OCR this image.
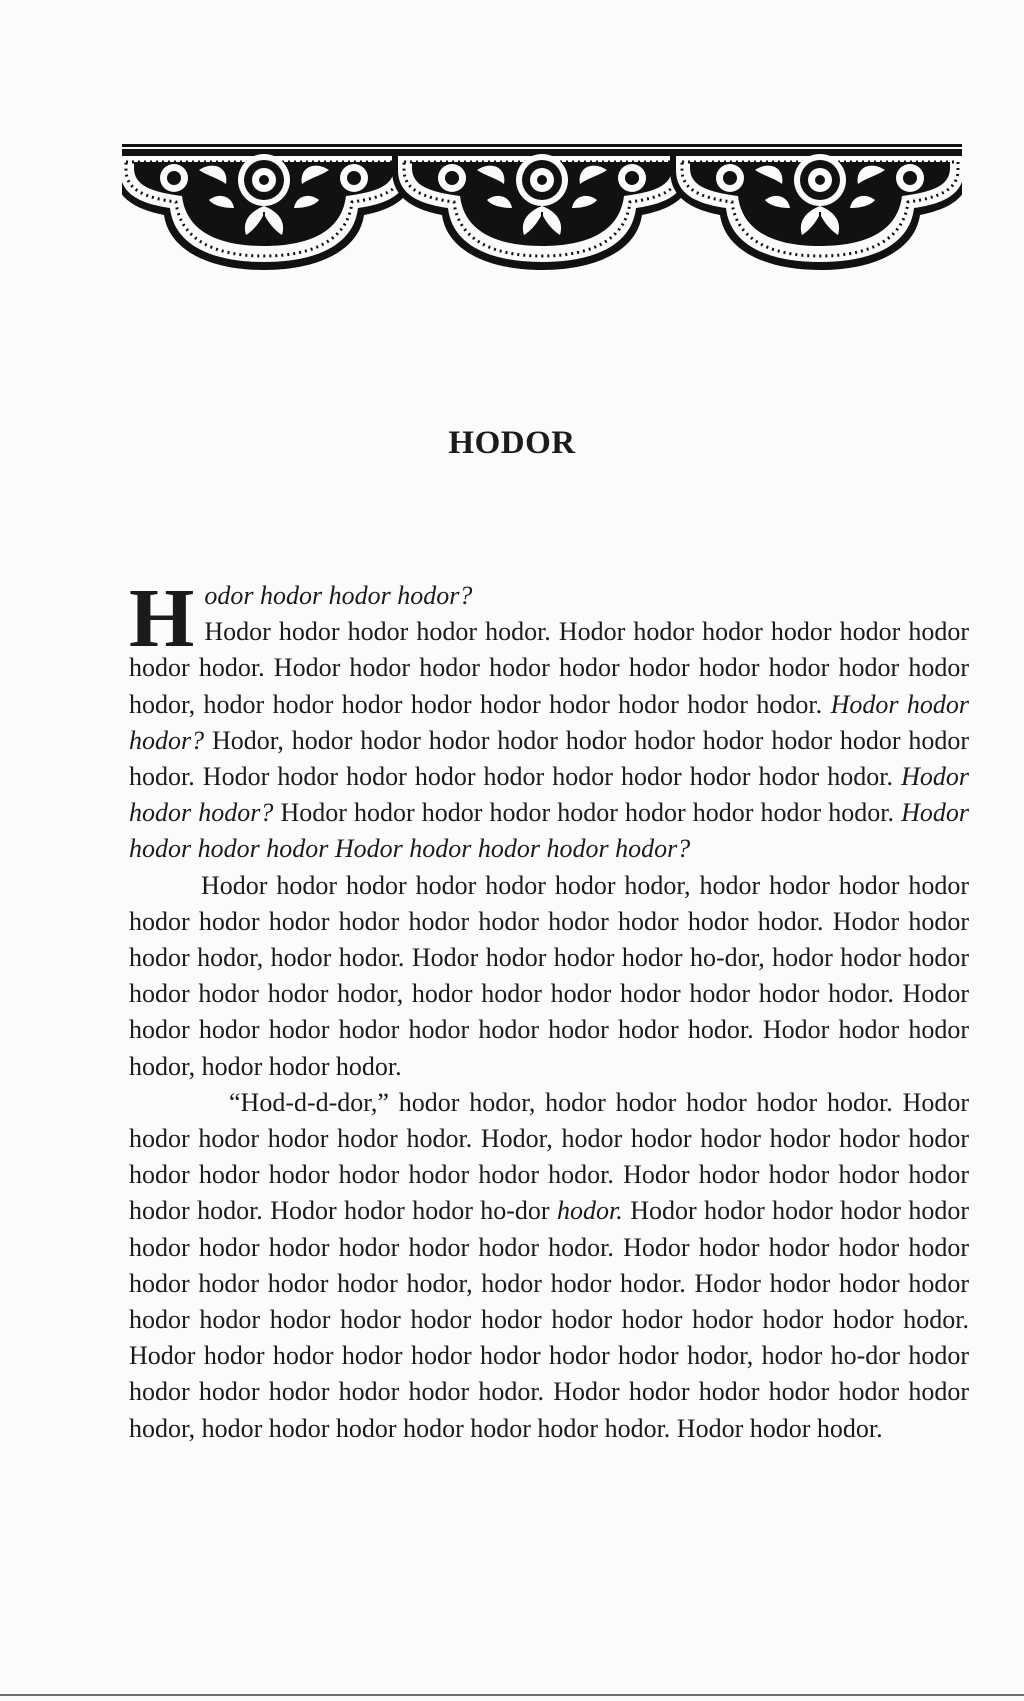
HODOR

H odor hodor hodor hodor?
Hodor hodor hodor hodor hodor. Hodor hodor hodor hodor hodor hodor hodor hodor. Hodor hodor hodor hodor hodor hodor hodor hodor hodor hodor hodor, hodor hodor hodor hodor hodor hodor hodor hodor hodor. Hodor hodor hodor? Hodor, hodor hodor hodor hodor hodor hodor hodor hodor hodor hodor hodor. Hodor hodor hodor hodor hodor hodor hodor hodor hodor hodor. Hodor hodor hodor? Hodor hodor hodor hodor hodor hodor hodor hodor hodor. Hodor hodor hodor hodor Hodor hodor hodor hodor hodor?

Hodor hodor hodor hodor hodor hodor hodor, hodor hodor hodor hodor hodor hodor hodor hodor hodor hodor hodor hodor hodor hodor. Hodor hodor hodor hodor, hodor hodor. Hodor hodor hodor hodor ho-dor, hodor hodor hodor hodor hodor hodor hodor, hodor hodor hodor hodor hodor hodor hodor. Hodor hodor hodor hodor hodor hodor hodor hodor hodor hodor. Hodor hodor hodor hodor, hodor hodor hodor.

“Hod-d-d-dor,” hodor hodor, hodor hodor hodor hodor hodor. Hodor hodor hodor hodor hodor hodor. Hodor, hodor hodor hodor hodor hodor hodor hodor hodor hodor hodor hodor hodor hodor. Hodor hodor hodor hodor hodor hodor hodor. Hodor hodor hodor ho-dor hodor. Hodor hodor hodor hodor hodor hodor hodor hodor hodor hodor hodor hodor. Hodor hodor hodor hodor hodor hodor hodor hodor hodor hodor, hodor hodor hodor. Hodor hodor hodor hodor hodor hodor hodor hodor hodor hodor hodor hodor hodor hodor hodor hodor. Hodor hodor hodor hodor hodor hodor hodor hodor hodor, hodor ho-dor hodor hodor hodor hodor hodor hodor hodor. Hodor hodor hodor hodor hodor hodor hodor, hodor hodor hodor hodor hodor hodor hodor. Hodor hodor hodor.
